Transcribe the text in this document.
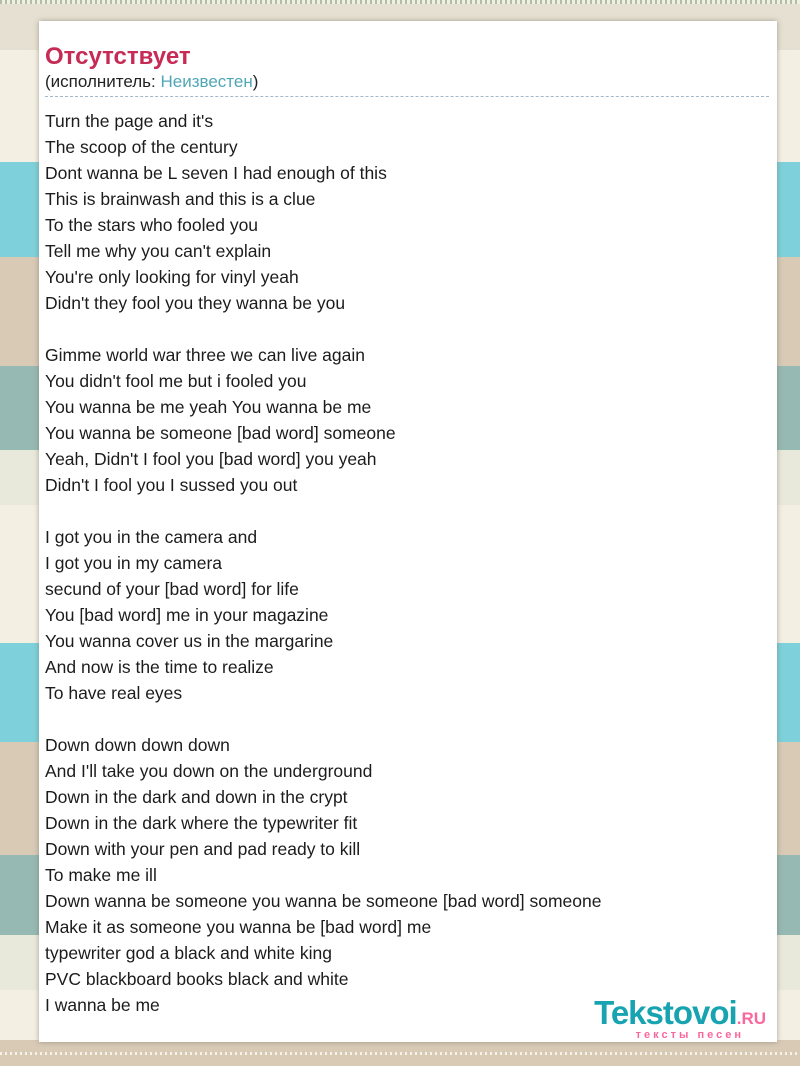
Отсутствует
(исполнитель: Неизвестен)
Turn the page and it's
The scoop of the century
Dont wanna be L seven I had enough of this
This is brainwash and this is a clue
To the stars who fooled you
Tell me why you can't explain
You're only looking for vinyl yeah
Didn't they fool you they wanna be you
Gimme world war three we can live again
You didn't fool me but i fooled you
You wanna be me yeah You wanna be me
You wanna be someone [bad word] someone
Yeah, Didn't I fool you [bad word] you yeah
Didn't I fool you I sussed you out
I got you in the camera and
I got you in my camera
secund of your [bad word] for life
You [bad word] me in your magazine
You wanna cover us in the margarine
And now is the time to realize
To have real eyes
Down down down down
And I'll take you down on the underground
Down in the dark and down in the crypt
Down in the dark where the typewriter fit
Down with your pen and pad ready to kill
To make me ill
Down wanna be someone you wanna be someone [bad word] someone
Make it as someone you wanna be [bad word] me
typewriter god a black and white king
PVC blackboard books black and white
I wanna be me	Tekstovoi.RU
тексты песен
